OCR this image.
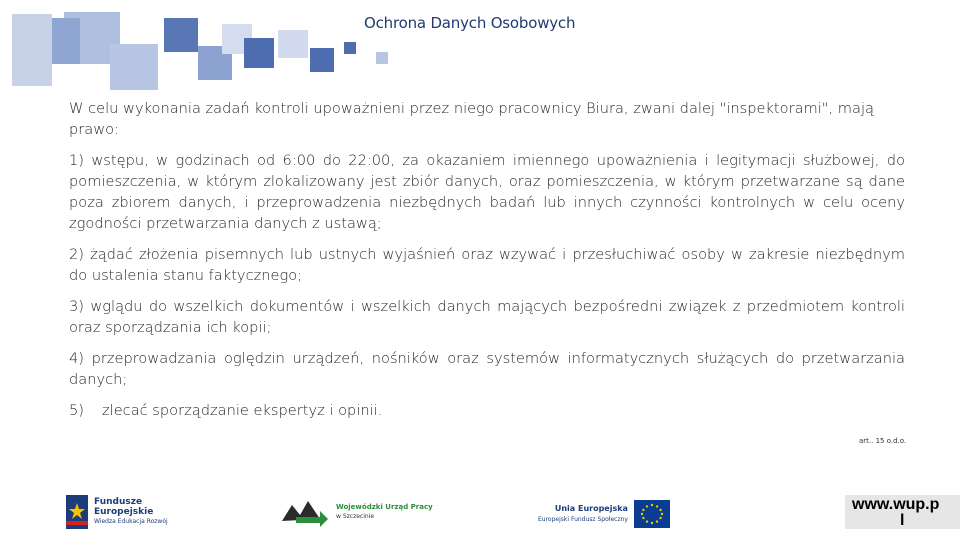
Ochrona Danych Osobowych

W celu wykonania zadań kontroli upoważnieni przez niego pracownicy Biura, zwani dalej "inspektorami", mają prawo:

1) wstępu, w godzinach od 6:00 do 22:00, za okazaniem imiennego upoważnienia i legitymacji służbowej, do pomieszczenia, w którym zlokalizowany jest zbiór danych, oraz pomieszczenia, w którym przetwarzane są dane poza zbiorem danych, i przeprowadzenia niezbędnych badań lub innych czynności kontrolnych w celu oceny zgodności przetwarzania danych z ustawą;

2) żądać złożenia pisemnych lub ustnych wyjaśnień oraz wzywać i przesłuchiwać osoby w zakresie niezbędnym do ustalenia stanu faktycznego;

3) wglądu do wszelkich dokumentów i wszelkich danych mających bezpośredni związek z przedmiotem kontroli oraz sporządzania ich kopii;

4) przeprowadzania oględzin urządzeń, nośników oraz systemów informatycznych służących do przetwarzania danych;

5) zlecać sporządzanie ekspertyz i opinii.
art.. 15 o.d.o.
Fundusze
Europejskie
Wiedza Edukacja Rozwój
Wojewódzki Urząd Pracy
w Szczecinie
Unia Europejska
Europejski Fundusz Społeczny
www.wup.p
l
